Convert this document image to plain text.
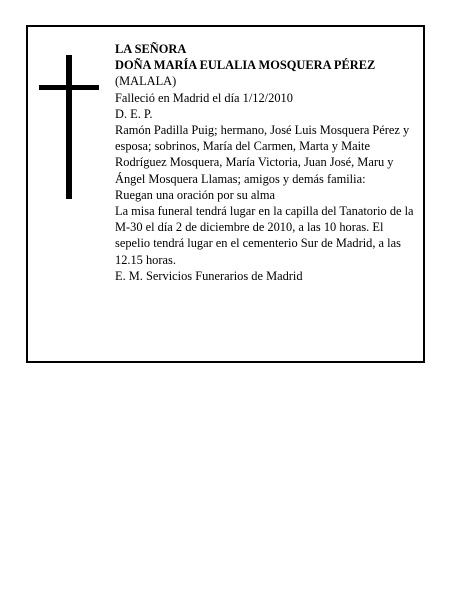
LA SEÑORA

DOÑA MARÍA EULALIA MOSQUERA PÉREZ

(MALALA)

Falleció en Madrid el día 1/12/2010

D. E. P.

Ramón Padilla Puig; hermano, José Luis Mosquera Pérez y esposa; sobrinos, María del Carmen, Marta y Maite Rodríguez Mosquera, María Victoria, Juan José, Maru y Ángel Mosquera Llamas; amigos y demás familia:

Ruegan una oración por su alma

La misa funeral tendrá lugar en la capilla del Tanatorio de la M-30 el día 2 de diciembre de 2010, a las 10 horas. El sepelio tendrá lugar en el cementerio Sur de Madrid, a las 12.15 horas.

E. M. Servicios Funerarios de Madrid
